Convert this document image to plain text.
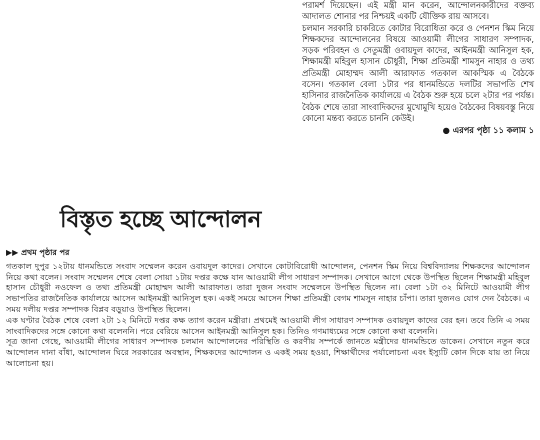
পরামর্শ দিয়েছেন। এই মন্ত্রী মান করেন, আন্দোলনকারীদের বক্তব্য আদালত শোনার পর নিশ্চয়ই একটি যৌক্তিক রায় আসবে।

চলমান সরকারি চাকরিতে কোটার বিরোধিতা করে ও পেনশন স্কিম নিয়ে শিক্ষকদের আন্দোলনের বিষয়ে আওয়ামী লীগের সাধারণ সম্পাদক, সড়ক পরিবহন ও সেতুমন্ত্রী ওবায়দুল কাদের, আইনমন্ত্রী আনিসুল হক, শিক্ষামন্ত্রী মহিবুল হাসান চৌধুরী, শিক্ষা প্রতিমন্ত্রী শামসুন নাহার ও তথ্য প্রতিমন্ত্রী মোহাম্মদ আলী আরাফাত গতকাল আকস্মিক এ বৈঠকে বসেন। গতকাল বেলা ১টার পর ধানমন্ডিতে দলটির সভাপতি শেখ হাসিনার রাজনৈতিক কার্যালয়ে এ বৈঠক শুরু হয়ে চলে ২টার পর পর্যন্ত। বৈঠক শেষে তারা সাংবাদিকদের মুখোমুখি হয়েও বৈঠকের বিষয়বস্তু নিয়ে কোনো মন্তব্য করতে চাননি কেউই।

● এরপর পৃষ্ঠা ১১ কলাম ১
বিস্তৃত হচ্ছে আন্দোলন
▶▶ প্রথম পৃষ্ঠার পর

গতকাল দুপুর ১২টায় ধানমন্ডিতে সংবাদ সম্মেলন করেন ওবায়দুল কাদের। সেখানে কোটাবিরোধী আন্দোলন, পেনশন স্কিম নিয়ে বিশ্ববিদ্যালয় শিক্ষকদের আন্দোলন নিয়ে কথা বলেন। সংবাদ সম্মেলন শেষে বেলা সোয়া ১টায় দপ্তর কক্ষে যান আওয়ামী লীগ সাধারণ সম্পাদক। সেখানে আগে থেকে উপস্থিত ছিলেন শিক্ষামন্ত্রী মহিবুল হাসান চৌধুরী নওফেল ও তথ্য প্রতিমন্ত্রী মোহাম্মদ আলী আরাফাত। তারা দুজন সংবাদ সম্মেলনে উপস্থিত ছিলেন না। বেলা ১টা ৩২ মিনিটে আওয়ামী লীগ সভাপতির রাজনৈতিক কার্যালয়ে আসেন আইনমন্ত্রী আনিসুল হক। একই সময়ে আসেন শিক্ষা প্রতিমন্ত্রী বেগম শামসুন নাহার চাঁপা। তারা দুজনও যোগ দেন বৈঠকে। এ সময় দলীয় দপ্তর সম্পাদক বিপ্লব বড়ুয়াও উপস্থিত ছিলেন।

এক ঘণ্টার বৈঠক শেষে বেলা ২টা ১২ মিনিটে দপ্তর কক্ষ ত্যাগ করেন মন্ত্রীরা। প্রথমেই আওয়ামী লীগ সাধারণ সম্পাদক ওবায়দুল কাদের বের হন। তবে তিনি এ সময় সাংবাদিকদের সঙ্গে কোনো কথা বলেননি। পরে বেরিয়ে আসেন আইনমন্ত্রী আনিসুল হক। তিনিও গণমাধ্যমের সঙ্গে কোনো কথা বলেননি।

সূত্র জানা গেছে, আওয়ামী লীগের সাধারণ সম্পাদক চলমান আন্দোলনের পরিস্থিতি ও করণীয় সম্পর্কে জানতে মন্ত্রীদের ধানমন্ডিতে ডাকেন। সেখানে নতুন করে আন্দোলন দানা বাঁধা, আন্দোলন ঘিরে সরকারের অবস্থান, শিক্ষকদের আন্দোলন ও একই সময় হওয়া, শিক্ষার্থীদের পর্যালোচনা এবং ইস্যুটি কোন দিকে যায় তা নিয়ে আলোচনা হয়।
